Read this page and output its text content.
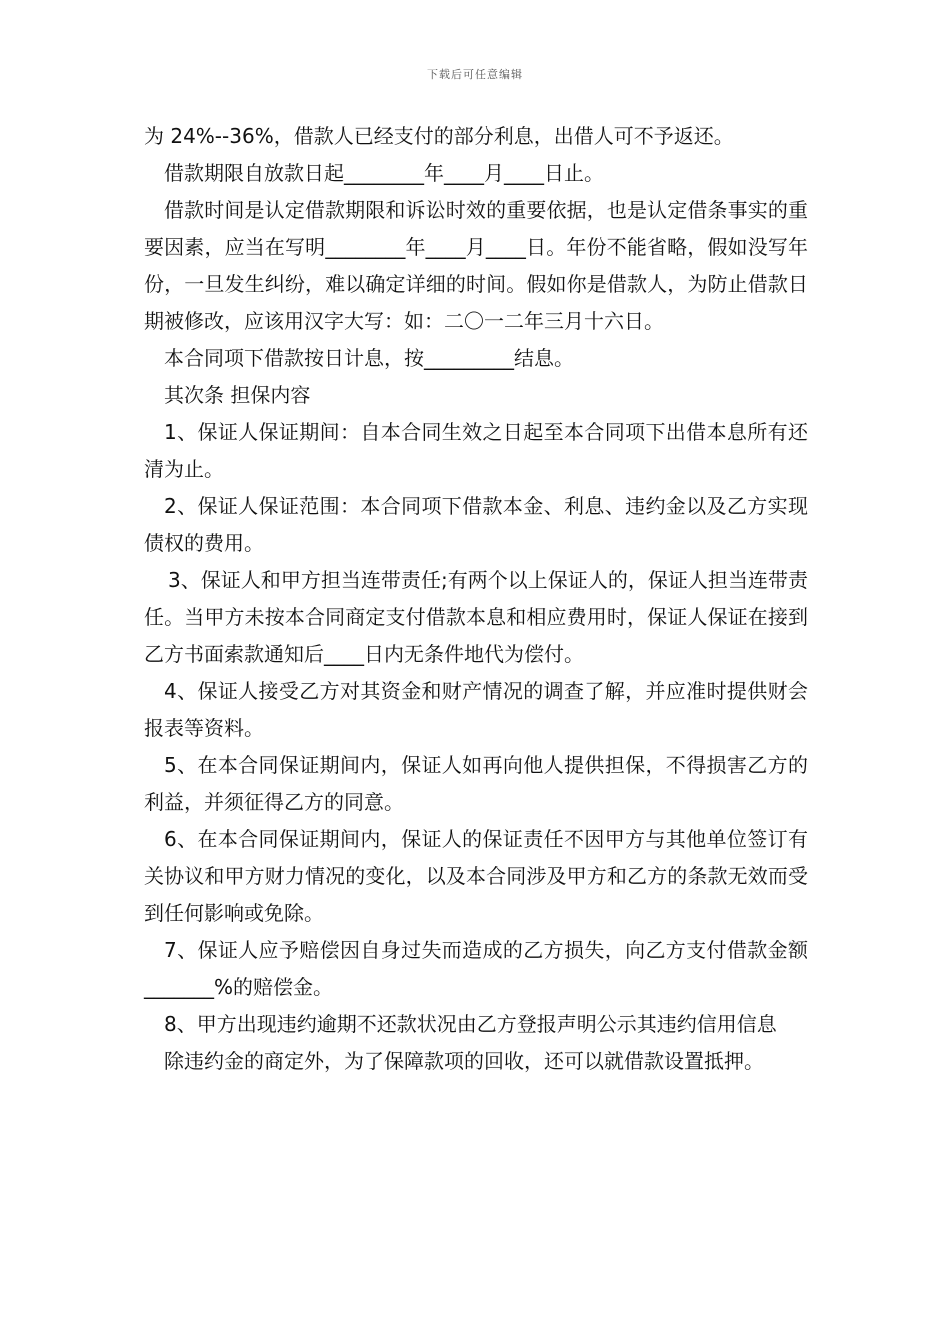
下载后可任意编辑

为 24%--36%，借款人已经支付的部分利息，出借人可不予返还。

借款期限自放款日起________年____月____日止。

借款时间是认定借款期限和诉讼时效的重要依据，也是认定借条事实的重要因素，应当在写明________年____月____日。年份不能省略，假如没写年份，一旦发生纠纷，难以确定详细的时间。假如你是借款人，为防止借款日期被修改，应该用汉字大写：如：二〇一二年三月十六日。

本合同项下借款按日计息，按_________结息。

其次条 担保内容

1、保证人保证期间：自本合同生效之日起至本合同项下出借本息所有还清为止。

2、保证人保证范围：本合同项下借款本金、利息、违约金以及乙方实现债权的费用。

3、保证人和甲方担当连带责任;有两个以上保证人的，保证人担当连带责任。当甲方未按本合同商定支付借款本息和相应费用时，保证人保证在接到乙方书面索款通知后____日内无条件地代为偿付。

4、保证人接受乙方对其资金和财产情况的调查了解，并应准时提供财会报表等资料。

5、在本合同保证期间内，保证人如再向他人提供担保，不得损害乙方的利益，并须征得乙方的同意。

6、在本合同保证期间内，保证人的保证责任不因甲方与其他单位签订有关协议和甲方财力情况的变化，以及本合同涉及甲方和乙方的条款无效而受到任何影响或免除。

7、保证人应予赔偿因自身过失而造成的乙方损失，向乙方支付借款金额_______%的赔偿金。

8、甲方出现违约逾期不还款状况由乙方登报声明公示其违约信用信息

除违约金的商定外，为了保障款项的回收，还可以就借款设置抵押。
